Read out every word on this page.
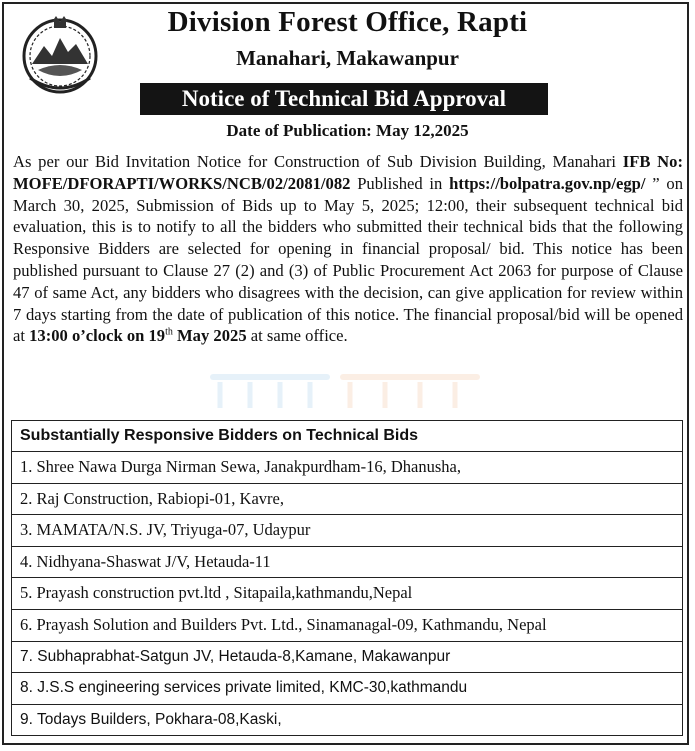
Division Forest Office, Rapti
Manahari, Makawanpur
Notice of Technical Bid Approval
Date of Publication: May 12,2025
As per our Bid Invitation Notice for Construction of Sub Division Building, Manahari IFB No: MOFE/DFORAPTI/WORKS/NCB/02/2081/082 Published in https://bolpatra.gov.np/egp/ ” on March 30, 2025, Submission of Bids up to May 5, 2025; 12:00, their subsequent technical bid evaluation, this is to notify to all the bidders who submitted their technical bids that the following Responsive Bidders are selected for opening in financial proposal/ bid. This notice has been published pursuant to Clause 27 (2) and (3) of Public Procurement Act 2063 for purpose of Clause 47 of same Act, any bidders who disagrees with the decision, can give application for review within 7 days starting from the date of publication of this notice. The financial proposal/bid will be opened at 13:00 o’clock on 19th May 2025 at same office.
Substantially Responsive Bidders on Technical Bids
1. Shree Nawa Durga Nirman Sewa, Janakpurdham-16, Dhanusha,
2. Raj Construction, Rabiopi-01, Kavre,
3. MAMATA/N.S. JV, Triyuga-07, Udaypur
4. Nidhyana-Shaswat J/V, Hetauda-11
5. Prayash construction pvt.ltd , Sitapaila,kathmandu,Nepal
6. Prayash Solution and Builders Pvt. Ltd., Sinamanagal-09, Kathmandu, Nepal
7. Subhaprabhat-Satgun JV, Hetauda-8,Kamane, Makawanpur
8. J.S.S engineering services private limited, KMC-30,kathmandu
9. Todays Builders, Pokhara-08,Kaski,
